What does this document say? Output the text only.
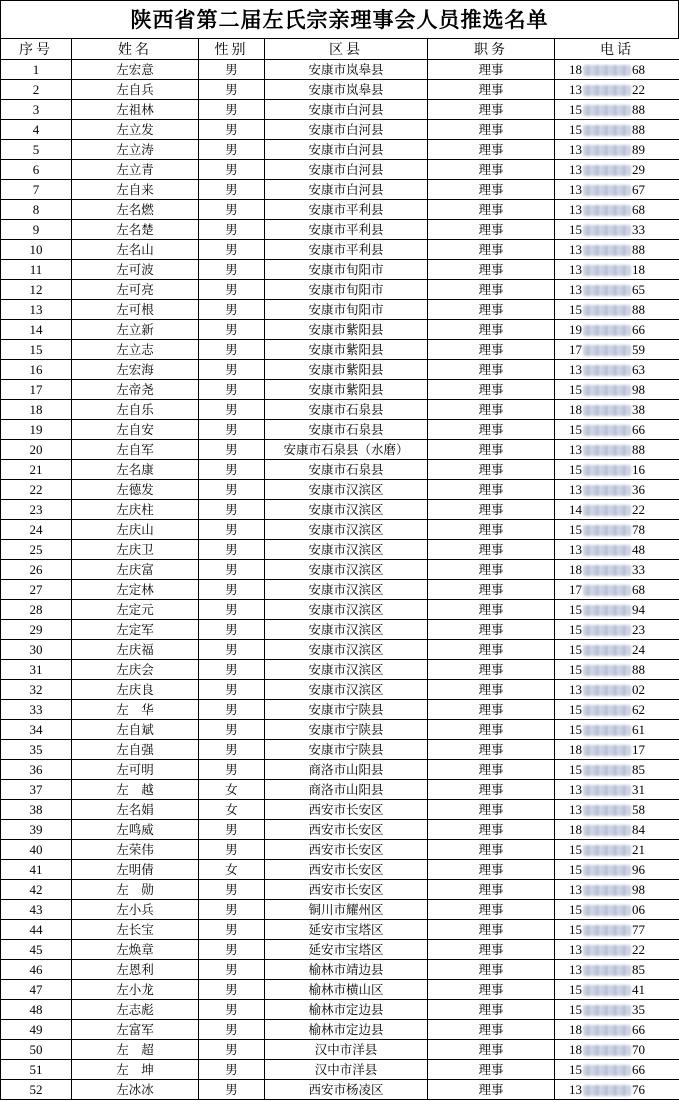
陕西省第二届左氏宗亲理事会人员推选名单
序号	姓名	性别	区县	职务	电话
1	左宏意	男	安康市岚皋县	理事	18 68
2	左自兵	男	安康市岚皋县	理事	13 22
3	左祖林	男	安康市白河县	理事	15 88
4	左立发	男	安康市白河县	理事	15 88
5	左立涛	男	安康市白河县	理事	13 89
6	左立青	男	安康市白河县	理事	13 29
7	左自来	男	安康市白河县	理事	13 67
8	左名燃	男	安康市平利县	理事	13 68
9	左名楚	男	安康市平利县	理事	15 33
10	左名山	男	安康市平利县	理事	13 88
11	左可波	男	安康市旬阳市	理事	13 18
12	左可亮	男	安康市旬阳市	理事	13 65
13	左可根	男	安康市旬阳市	理事	15 88
14	左立新	男	安康市紫阳县	理事	19 66
15	左立志	男	安康市紫阳县	理事	17 59
16	左宏海	男	安康市紫阳县	理事	13 63
17	左帝尧	男	安康市紫阳县	理事	15 98
18	左自乐	男	安康市石泉县	理事	18 38
19	左自安	男	安康市石泉县	理事	15 66
20	左自军	男	安康市石泉县（水磨）	理事	13 88
21	左名康	男	安康市石泉县	理事	15 16
22	左德发	男	安康市汉滨区	理事	13 36
23	左庆柱	男	安康市汉滨区	理事	14 22
24	左庆山	男	安康市汉滨区	理事	15 78
25	左庆卫	男	安康市汉滨区	理事	13 48
26	左庆富	男	安康市汉滨区	理事	18 33
27	左定林	男	安康市汉滨区	理事	17 68
28	左定元	男	安康市汉滨区	理事	15 94
29	左定军	男	安康市汉滨区	理事	15 23
30	左庆福	男	安康市汉滨区	理事	15 24
31	左庆会	男	安康市汉滨区	理事	15 88
32	左庆良	男	安康市汉滨区	理事	13 02
33	左　华	男	安康市宁陕县	理事	15 62
34	左自斌	男	安康市宁陕县	理事	15 61
35	左自强	男	安康市宁陕县	理事	18 17
36	左可明	男	商洛市山阳县	理事	15 85
37	左　越	女	商洛市山阳县	理事	13 31
38	左名娟	女	西安市长安区	理事	13 58
39	左鸣威	男	西安市长安区	理事	18 84
40	左荣伟	男	西安市长安区	理事	15 21
41	左明倩	女	西安市长安区	理事	15 96
42	左　勋	男	西安市长安区	理事	13 98
43	左小兵	男	铜川市耀州区	理事	15 06
44	左长宝	男	延安市宝塔区	理事	15 77
45	左焕章	男	延安市宝塔区	理事	13 22
46	左恩利	男	榆林市靖边县	理事	13 85
47	左小龙	男	榆林市横山区	理事	15 41
48	左志彪	男	榆林市定边县	理事	15 35
49	左富军	男	榆林市定边县	理事	18 66
50	左　超	男	汉中市洋县	理事	18 70
51	左　坤	男	汉中市洋县	理事	15 66
52	左冰冰	男	西安市杨凌区	理事	13 76
